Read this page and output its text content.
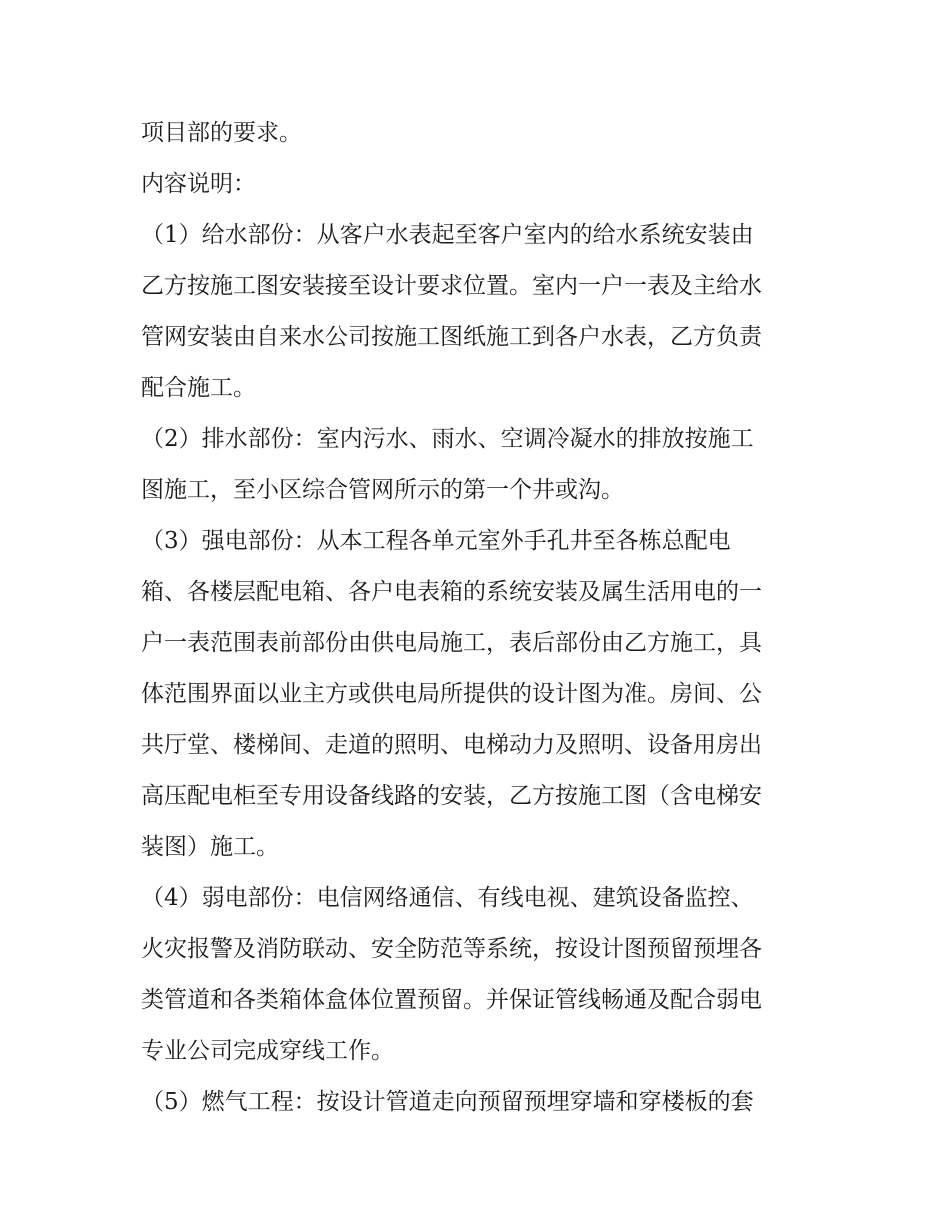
项目部的要求。
内容说明：
（1）给水部份：从客户水表起至客户室内的给水系统安装由
乙方按施工图安装接至设计要求位置。室内一户一表及主给水
管网安装由自来水公司按施工图纸施工到各户水表，乙方负责
配合施工。
（2）排水部份：室内污水、雨水、空调冷凝水的排放按施工
图施工，至小区综合管网所示的第一个井或沟。
（3）强电部份：从本工程各单元室外手孔井至各栋总配电
箱、各楼层配电箱、各户电表箱的系统安装及属生活用电的一
户一表范围表前部份由供电局施工，表后部份由乙方施工，具
体范围界面以业主方或供电局所提供的设计图为准。房间、公
共厅堂、楼梯间、走道的照明、电梯动力及照明、设备用房出
高压配电柜至专用设备线路的安装，乙方按施工图（含电梯安
装图）施工。
（4）弱电部份：电信网络通信、有线电视、建筑设备监控、
火灾报警及消防联动、安全防范等系统，按设计图预留预埋各
类管道和各类箱体盒体位置预留。并保证管线畅通及配合弱电
专业公司完成穿线工作。
（5）燃气工程：按设计管道走向预留预埋穿墙和穿楼板的套
